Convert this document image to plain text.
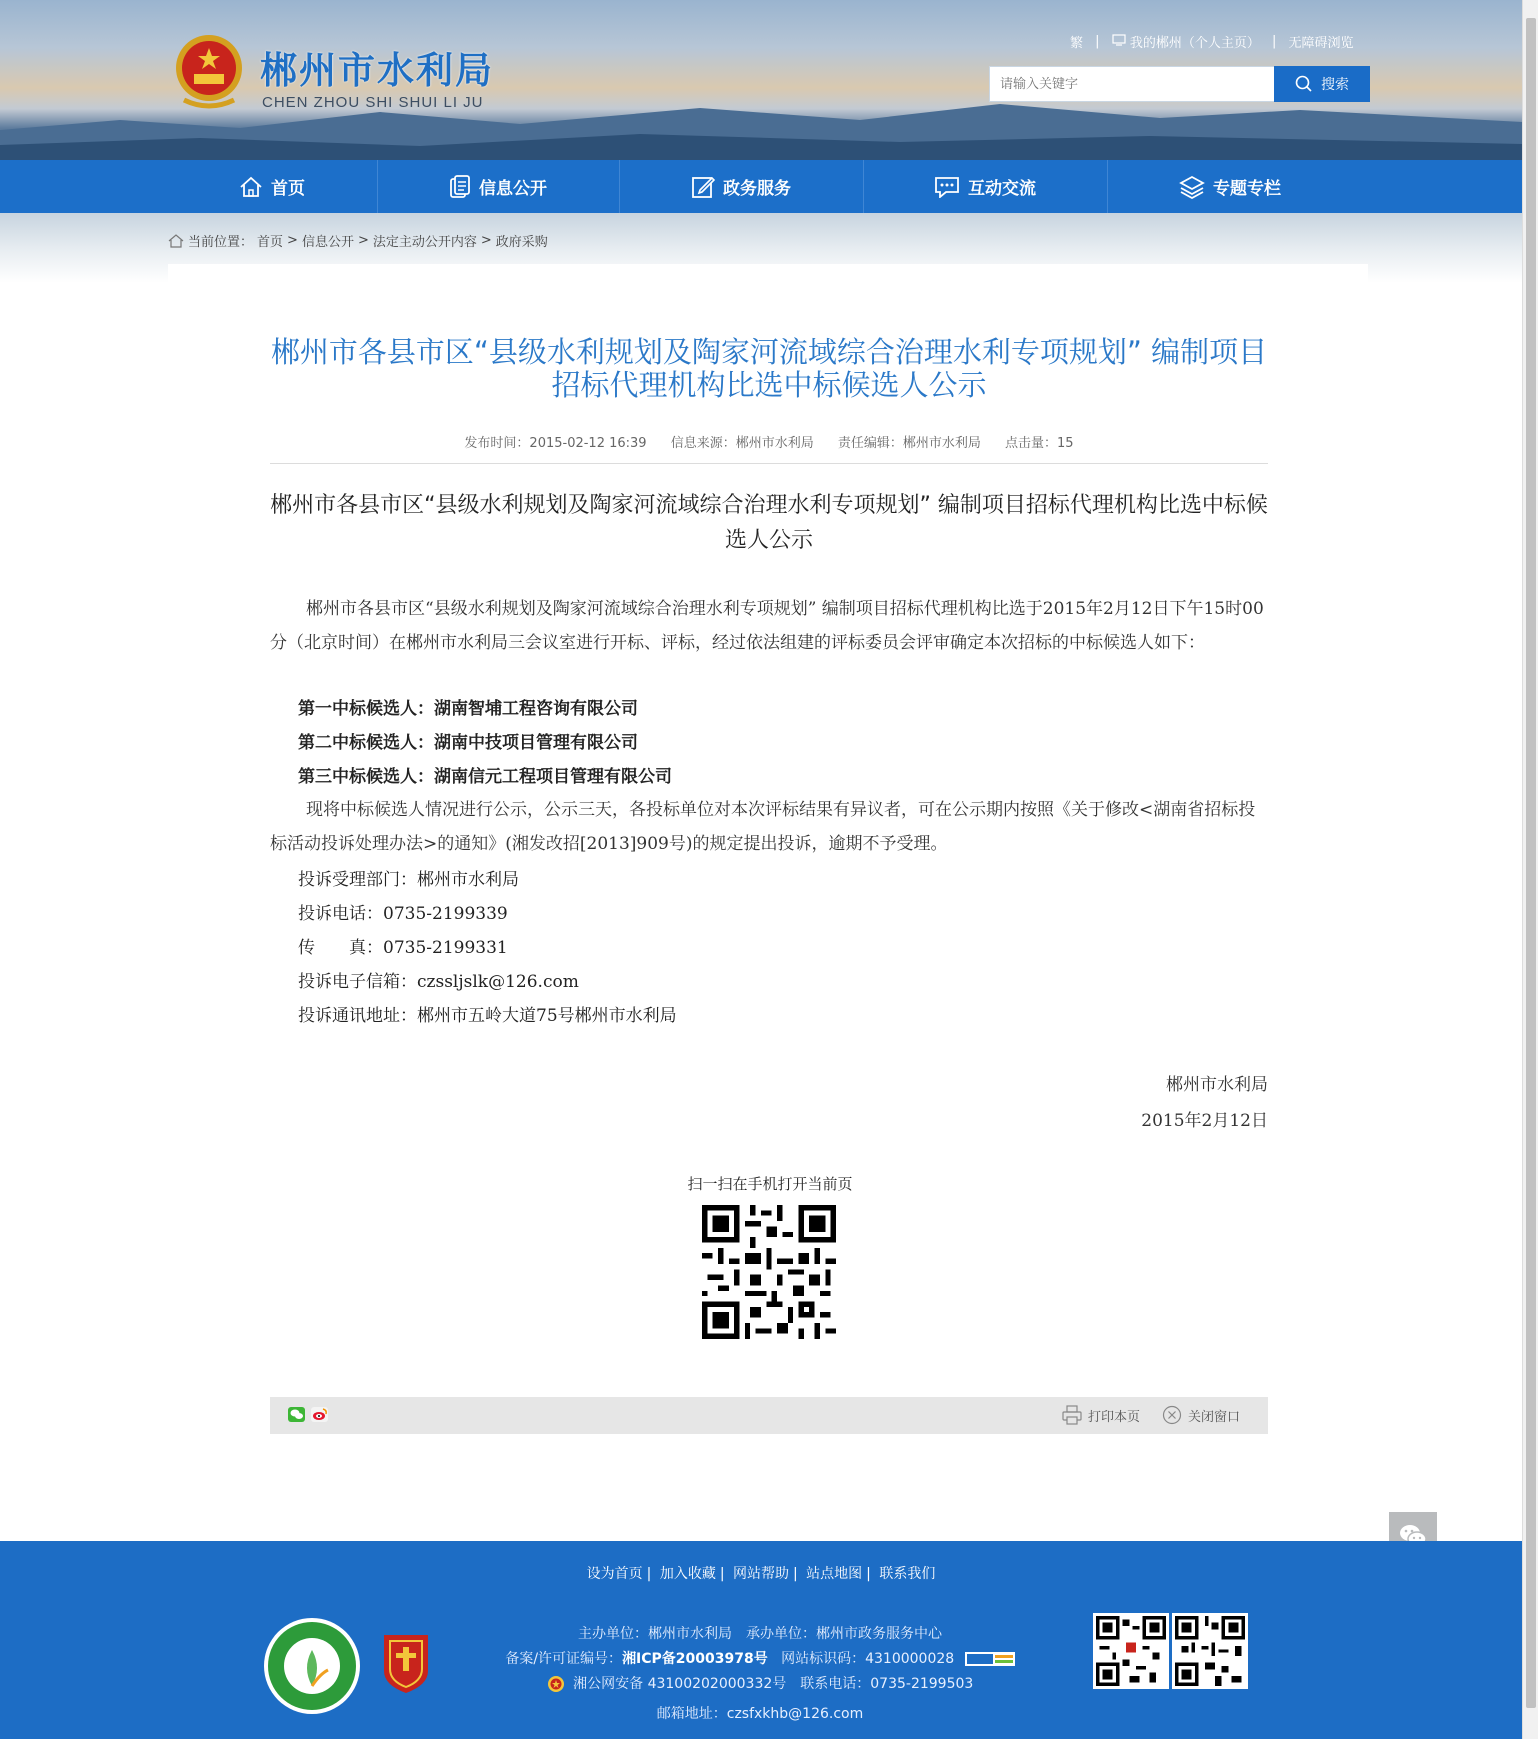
郴州市水利局
CHEN ZHOU SHI SHUI LI JU
繁 | 我的郴州（个人主页） | 无障碍浏览
请输入关键字
搜索
首页	信息公开	政务服务	互动交流	专题专栏
当前位置： 首页 > 信息公开 > 法定主动公开内容 > 政府采购
郴州市各县市区“县级水利规划及陶家河流域综合治理水利专项规划” 编制项目招标代理机构比选中标候选人公示
发布时间：2015-02-12 16:39 信息来源：郴州市水利局 责任编辑：郴州市水利局 点击量：15
郴州市各县市区“县级水利规划及陶家河流域综合治理水利专项规划” 编制项目招标代理机构比选中标候选人公示
郴州市各县市区“县级水利规划及陶家河流域综合治理水利专项规划” 编制项目招标代理机构比选于2015年2月12日下午15时00分（北京时间）在郴州市水利局三会议室进行开标、评标，经过依法组建的评标委员会评审确定本次招标的中标候选人如下：
第一中标候选人：湖南智埔工程咨询有限公司
第二中标候选人：湖南中技项目管理有限公司
第三中标候选人：湖南信元工程项目管理有限公司
现将中标候选人情况进行公示，公示三天，各投标单位对本次评标结果有异议者，可在公示期内按照《关于修改<湖南省招标投标活动投诉处理办法>的通知》(湘发改招[2013]909号)的规定提出投诉，逾期不予受理。
投诉受理部门：郴州市水利局
投诉电话：0735-2199339
传　　真：0735-2199331
投诉电子信箱：czssljslk@126.com
投诉通讯地址：郴州市五岭大道75号郴州市水利局
郴州市水利局
2015年2月12日
扫一扫在手机打开当前页
打印本页	关闭窗口
设为首页 | 加入收藏 | 网站帮助 | 站点地图 | 联系我们
主办单位：郴州市水利局　承办单位：郴州市政务服务中心
备案/许可证编号：湘ICP备20003978号 网站标识码：4310000028
湘公网安备 43100202000332号　联系电话：0735-2199503
邮箱地址：czsfxkhb@126.com
